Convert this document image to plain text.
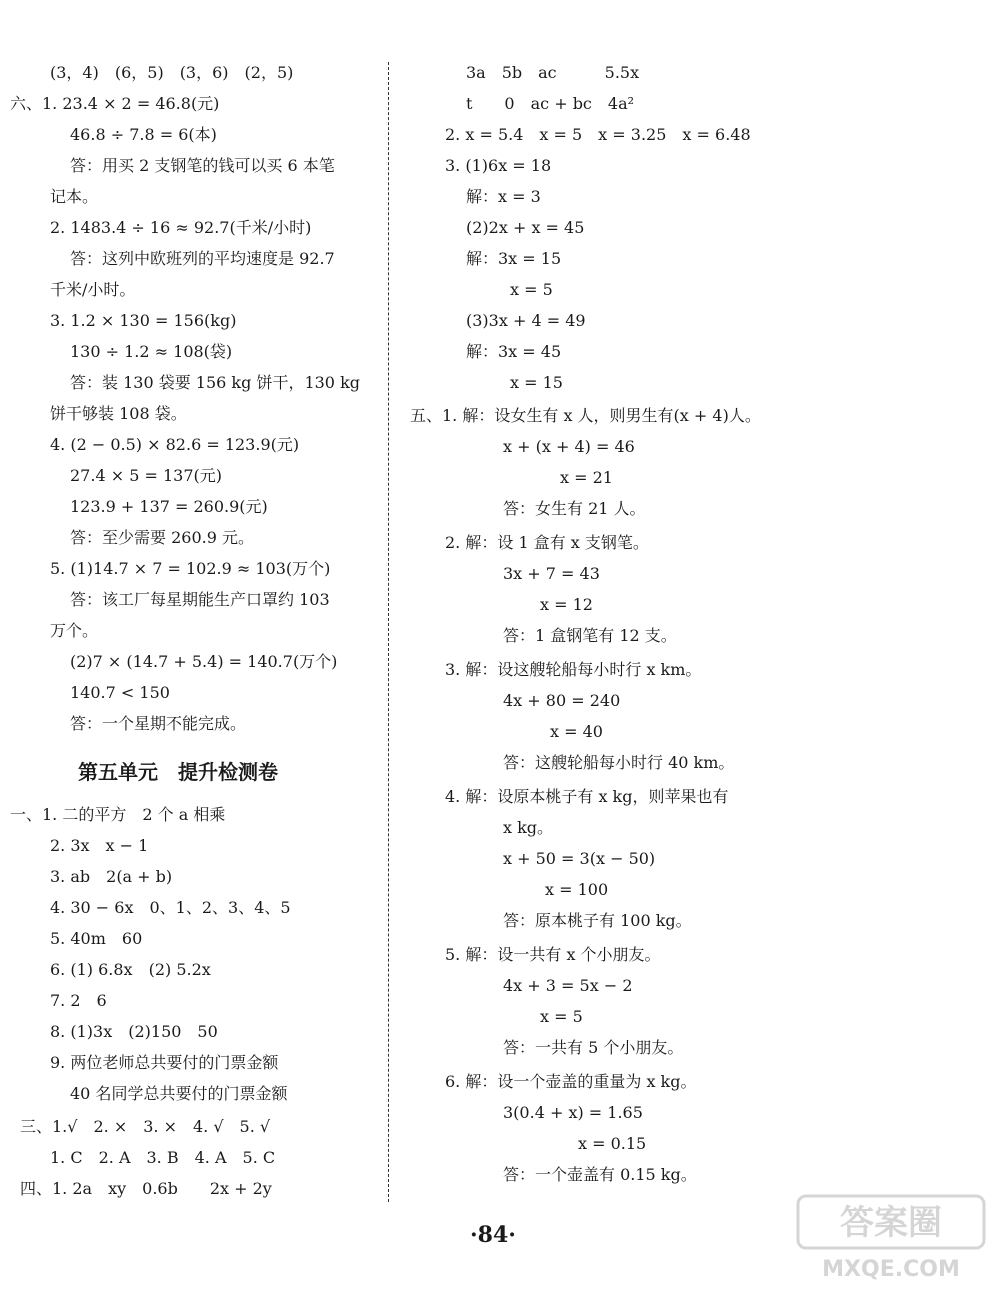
(3，4)　(6，5)　(3，6)　(2，5)
六、1. 23.4 × 2 = 46.8(元)
46.8 ÷ 7.8 = 6(本)
答：用买 2 支钢笔的钱可以买 6 本笔
记本。
2. 1483.4 ÷ 16 ≈ 92.7(千米/小时)
答：这列中欧班列的平均速度是 92.7
千米/小时。
3. 1.2 × 130 = 156(kg)
130 ÷ 1.2 ≈ 108(袋)
答：装 130 袋要 156 kg 饼干，130 kg
饼干够装 108 袋。
4. (2 − 0.5) × 82.6 = 123.9(元)
27.4 × 5 = 137(元)
123.9 + 137 = 260.9(元)
答：至少需要 260.9 元。
5. (1)14.7 × 7 = 102.9 ≈ 103(万个)
答：该工厂每星期能生产口罩约 103
万个。
(2)7 × (14.7 + 5.4) = 140.7(万个)
140.7 < 150
答：一个星期不能完成。
一、1. 二的平方　2 个 a 相乘
2. 3x　x − 1
3. ab　2(a + b)
4. 30 − 6x　0、1、2、3、4、5
5. 40m　60
6. (1) 6.8x　(2) 5.2x
7. 2　6
8. (1)3x　(2)150　50
9. 两位老师总共要付的门票金额
40 名同学总共要付的门票金额
三、1.√　2. ×　3. ×　4. √　5. √
1. C　2. A　3. B　4. A　5. C
四、1. 2a　xy　0.6b　　2x + 2y
第五单元　提升检测卷
3a　5b　ac　　　5.5x
t　　0　ac + bc　4a²
2. x = 5.4　x = 5　x = 3.25　x = 6.48
3. (1)6x = 18
解：x = 3
(2)2x + x = 45
解：3x = 15
x = 5
(3)3x + 4 = 49
解：3x = 45
x = 15
五、1. 解：设女生有 x 人，则男生有(x + 4)人。
x + (x + 4) = 46
x = 21
答：女生有 21 人。
2. 解：设 1 盒有 x 支钢笔。
3x + 7 = 43
x = 12
答：1 盒钢笔有 12 支。
3. 解：设这艘轮船每小时行 x km。
4x + 80 = 240
x = 40
答：这艘轮船每小时行 40 km。
4. 解：设原本桃子有 x kg，则苹果也有
x kg。
x + 50 = 3(x − 50)
x = 100
答：原本桃子有 100 kg。
5. 解：设一共有 x 个小朋友。
4x + 3 = 5x − 2
x = 5
答：一共有 5 个小朋友。
6. 解：设一个壶盖的重量为 x kg。
3(0.4 + x) = 1.65
x = 0.15
答：一个壶盖有 0.15 kg。
·84·	答案圈
MXQE.COM
